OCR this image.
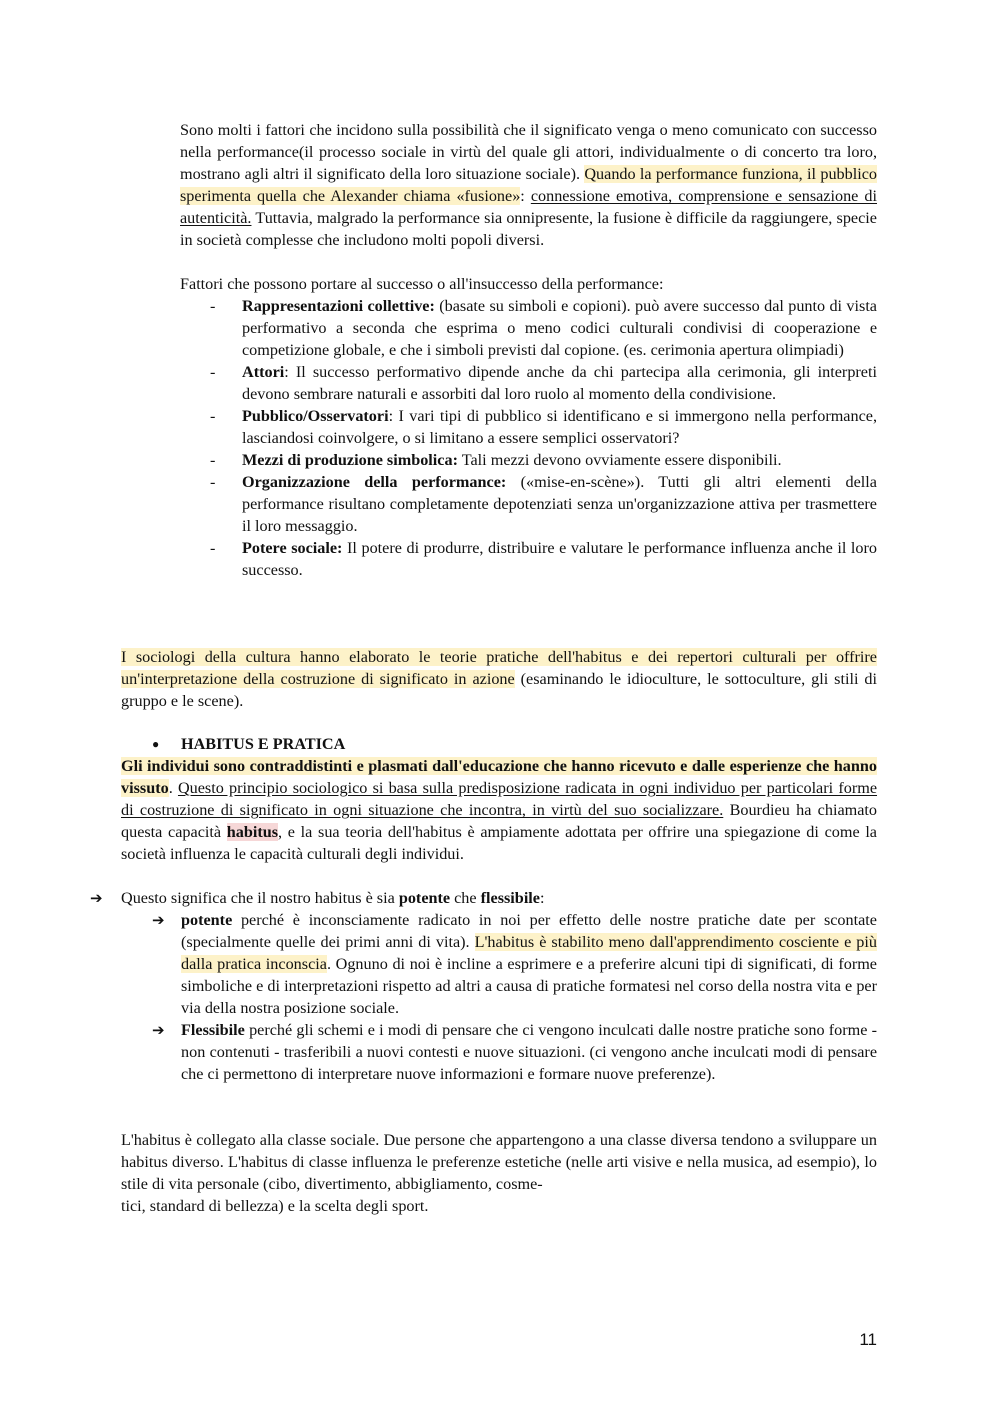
Sono molti i fattori che incidono sulla possibilità che il significato venga o meno comunicato con successo nella performance(il processo sociale in virtù del quale gli attori, individualmente o di concerto tra loro, mostrano agli altri il significato della loro situazione sociale). Quando la performance funziona, il pubblico sperimenta quella che Alexander chiama «fusione»: connessione emotiva, comprensione e sensazione di autenticità. Tuttavia, malgrado la performance sia onnipresente, la fusione è difficile da raggiungere, specie in società complesse che includono molti popoli diversi.

Fattori che possono portare al successo o all'insuccesso della performance:

-	Rappresentazioni collettive: (basate su simboli e copioni). può avere successo dal punto di vista performativo a seconda che esprima o meno codici culturali condivisi di cooperazione e competizione globale, e che i simboli previsti dal copione. (es. cerimonia apertura olimpiadi)
-	Attori: Il successo performativo dipende anche da chi partecipa alla cerimonia, gli interpreti devono sembrare naturali e assorbiti dal loro ruolo al momento della condivisione.
-	Pubblico/Osservatori: I vari tipi di pubblico si identificano e si immergono nella performance, lasciandosi coinvolgere, o si limitano a essere semplici osservatori?
-	Mezzi di produzione simbolica: Tali mezzi devono ovviamente essere disponibili.
-	Organizzazione della performance: («mise-en-scène»). Tutti gli altri elementi della performance risultano completamente depotenziati senza un'organizzazione attiva per trasmettere il loro messaggio.
-	Potere sociale: Il potere di produrre, distribuire e valutare le performance influenza anche il loro successo.

I sociologi della cultura hanno elaborato le teorie pratiche dell'habitus e dei repertori culturali per offrire un'interpretazione della costruzione di significato in azione (esaminando le idioculture, le sottoculture, gli stili di gruppo e le scene).

● HABITUS E PRATICA

Gli individui sono contraddistinti e plasmati dall'educazione che hanno ricevuto e dalle esperienze che hanno vissuto. Questo principio sociologico si basa sulla predisposizione radicata in ogni individuo per particolari forme di costruzione di significato in ogni situazione che incontra, in virtù del suo socializzare. Bourdieu ha chiamato questa capacità habitus, e la sua teoria dell'habitus è ampiamente adottata per offrire una spiegazione di come la società influenza le capacità culturali degli individui.

➔ Questo significa che il nostro habitus è sia potente che flessibile:
➔ potente perché è inconsciamente radicato in noi per effetto delle nostre pratiche date per scontate (specialmente quelle dei primi anni di vita). L'habitus è stabilito meno dall'apprendimento cosciente e più dalla pratica inconscia. Ognuno di noi è incline a esprimere e a preferire alcuni tipi di significati, di forme simboliche e di interpretazioni rispetto ad altri a causa di pratiche formatesi nel corso della nostra vita e per via della nostra posizione sociale.
➔ Flessibile perché gli schemi e i modi di pensare che ci vengono inculcati dalle nostre pratiche sono forme - non contenuti - trasferibili a nuovi contesti e nuove situazioni. (ci vengono anche inculcati modi di pensare che ci permettono di interpretare nuove informazioni e formare nuove preferenze).

L'habitus è collegato alla classe sociale. Due persone che appartengono a una classe diversa tendono a sviluppare un habitus diverso. L'habitus di classe influenza le preferenze estetiche (nelle arti visive e nella musica, ad esempio), lo stile di vita personale (cibo, divertimento, abbigliamento, cosme-
tici, standard di bellezza) e la scelta degli sport.

11
